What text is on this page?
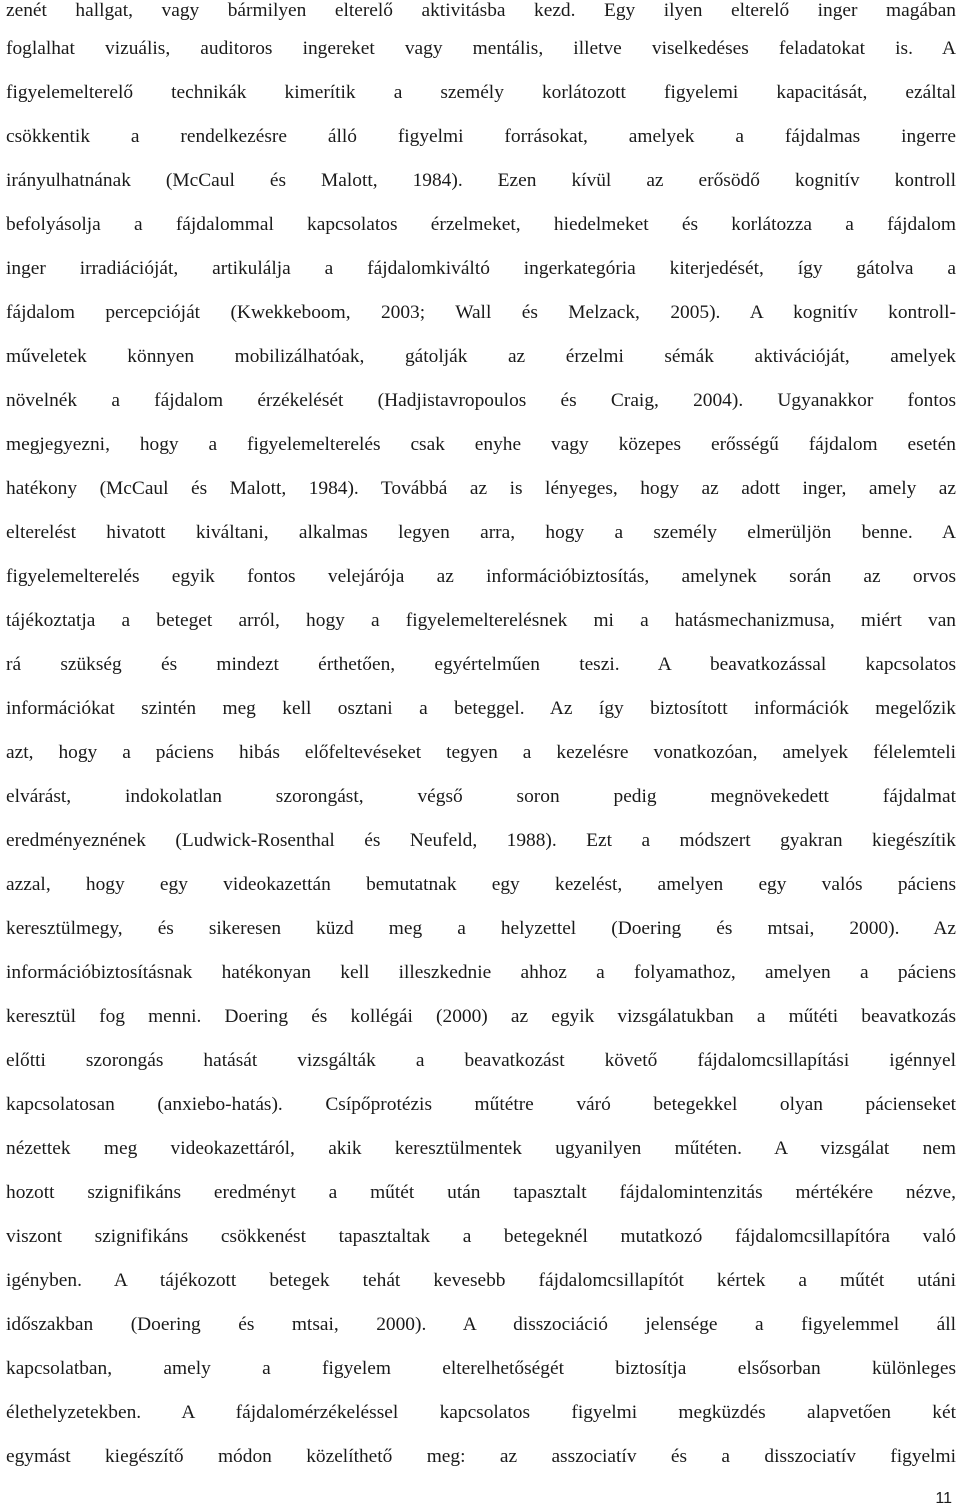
zenét hallgat, vagy bármilyen elterelő aktivitásba kezd. Egy ilyen elterelő inger magában
foglalhat vizuális, auditoros ingereket vagy mentális, illetve viselkedéses feladatokat is. A
figyelemelterelő technikák kimerítik a személy korlátozott figyelemi kapacitását, ezáltal
csökkentik a rendelkezésre álló figyelmi forrásokat, amelyek a fájdalmas ingerre
irányulhatnának (McCaul és Malott, 1984). Ezen kívül az erősödő kognitív kontroll
befolyásolja a fájdalommal kapcsolatos érzelmeket, hiedelmeket és korlátozza a fájdalom
inger irradiációját, artikulálja a fájdalomkiváltó ingerkategória kiterjedését, így gátolva a
fájdalom percepcióját (Kwekkeboom, 2003; Wall és Melzack, 2005). A kognitív kontroll-
műveletek könnyen mobilizálhatóak, gátolják az érzelmi sémák aktivációját, amelyek
növelnék a fájdalom érzékelését (Hadjistavropoulos és Craig, 2004). Ugyanakkor fontos
megjegyezni, hogy a figyelemelterelés csak enyhe vagy közepes erősségű fájdalom esetén
hatékony (McCaul és Malott, 1984). Továbbá az is lényeges, hogy az adott inger, amely az
elterelést hivatott kiváltani, alkalmas legyen arra, hogy a személy elmerüljön benne. A
figyelemelterelés egyik fontos velejárója az információbiztosítás, amelynek során az orvos
tájékoztatja a beteget arról, hogy a figyelemelterelésnek mi a hatásmechanizmusa, miért van
rá szükség és mindezt érthetően, egyértelműen teszi. A beavatkozással kapcsolatos
információkat szintén meg kell osztani a beteggel. Az így biztosított információk megelőzik
azt, hogy a páciens hibás előfeltevéseket tegyen a kezelésre vonatkozóan, amelyek félelemteli
elvárást, indokolatlan szorongást, végső soron pedig megnövekedett fájdalmat
eredményeznének (Ludwick-Rosenthal és Neufeld, 1988). Ezt a módszert gyakran kiegészítik
azzal, hogy egy videokazettán bemutatnak egy kezelést, amelyen egy valós páciens
keresztülmegy, és sikeresen küzd meg a helyzettel (Doering és mtsai, 2000). Az
információbiztosításnak hatékonyan kell illeszkednie ahhoz a folyamathoz, amelyen a páciens
keresztül fog menni. Doering és kollégái (2000) az egyik vizsgálatukban a műtéti beavatkozás
előtti szorongás hatását vizsgálták a beavatkozást követő fájdalomcsillapítási igénnyel
kapcsolatosan (anxiebo-hatás). Csípőprotézis műtétre váró betegekkel olyan pácienseket
nézettek meg videokazettáról, akik keresztülmentek ugyanilyen műtéten. A vizsgálat nem
hozott szignifikáns eredményt a műtét után tapasztalt fájdalomintenzitás mértékére nézve,
viszont szignifikáns csökkenést tapasztaltak a betegeknél mutatkozó fájdalomcsillapítóra való
igényben. A tájékozott betegek tehát kevesebb fájdalomcsillapítót kértek a műtét utáni
időszakban (Doering és mtsai, 2000). A disszociáció jelensége a figyelemmel áll
kapcsolatban, amely a figyelem elterelhetőségét biztosítja elsősorban különleges
élethelyzetekben. A fájdalomérzékeléssel kapcsolatos figyelmi megküzdés alapvetően két
egymást kiegészítő módon közelíthető meg: az asszociatív és a disszociatív figyelmi
11
